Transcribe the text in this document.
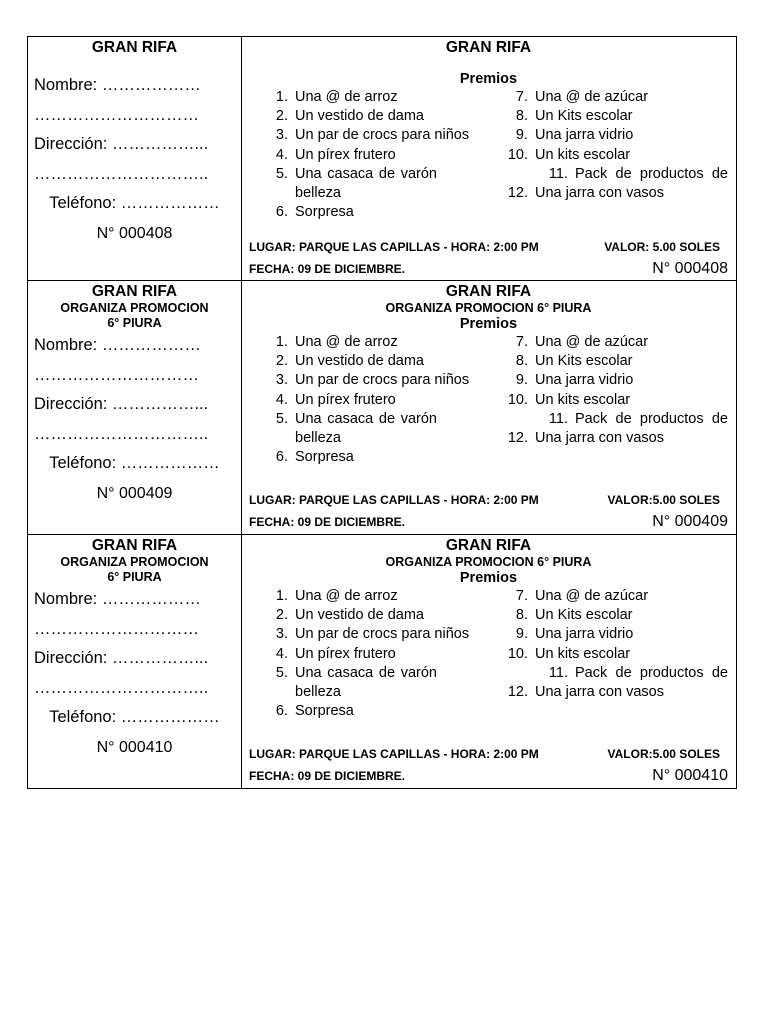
GRAN RIFA
Nombre: ………………
…………………………
Dirección: ……………...
…………………………..
Teléfono: ………………
N° 000408
GRAN RIFA
Premios
1. Una @ de arroz
2. Un vestido de dama
3. Un par de crocs para niños
4. Un pírex frutero
5. Una casaca de varón
belleza
6. Sorpresa
7. Una @ de azúcar
8. Un Kits escolar
9. Una jarra vidrio
10. Un kits escolar
11. Pack de productos de
12. Una jarra con vasos
LUGAR: PARQUE LAS CAPILLAS - HORA: 2:00 PM	VALOR: 5.00 SOLES
FECHA: 09 DE DICIEMBRE.	N° 000408
GRAN RIFA
ORGANIZA PROMOCION 6° PIURA
Nombre: ………………
…………………………
Dirección: ……………...
…………………………..
Teléfono: ………………
N° 000409
GRAN RIFA
ORGANIZA PROMOCION 6° PIURA
Premios
1. Una @ de arroz
2. Un vestido de dama
3. Un par de crocs para niños
4. Un pírex frutero
5. Una casaca de varón
belleza
6. Sorpresa
7. Una @ de azúcar
8. Un Kits escolar
9. Una jarra vidrio
10. Un kits escolar
11. Pack de productos de
12. Una jarra con vasos
LUGAR: PARQUE LAS CAPILLAS - HORA: 2:00 PM	VALOR:5.00 SOLES
FECHA: 09 DE DICIEMBRE.	N° 000409
GRAN RIFA
ORGANIZA PROMOCION 6° PIURA
Nombre: ………………
…………………………
Dirección: ……………...
…………………………..
Teléfono: ………………
N° 000410
GRAN RIFA
ORGANIZA PROMOCION 6° PIURA
Premios
1. Una @ de arroz
2. Un vestido de dama
3. Un par de crocs para niños
4. Un pírex frutero
5. Una casaca de varón
belleza
6. Sorpresa
7. Una @ de azúcar
8. Un Kits escolar
9. Una jarra vidrio
10. Un kits escolar
11. Pack de productos de
12. Una jarra con vasos
LUGAR: PARQUE LAS CAPILLAS - HORA: 2:00 PM	VALOR:5.00 SOLES
FECHA: 09 DE DICIEMBRE.	N° 000410
